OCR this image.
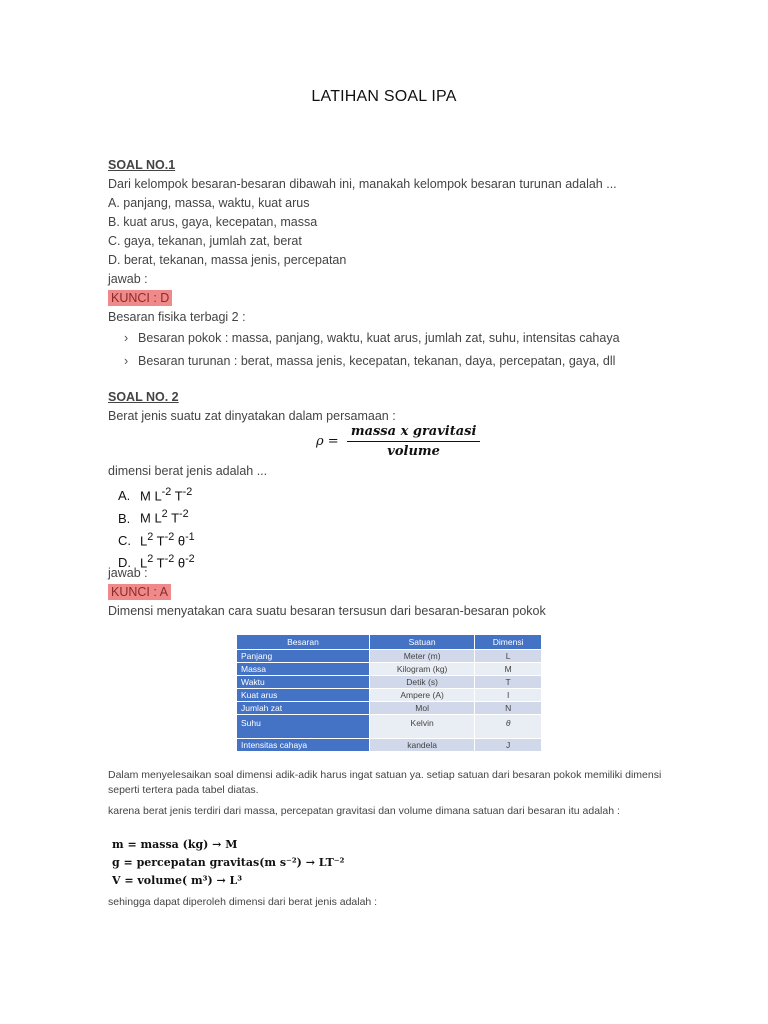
LATIHAN SOAL IPA
SOAL NO.1
Dari kelompok besaran-besaran dibawah ini, manakah kelompok besaran turunan adalah ...
A. panjang, massa, waktu, kuat arus
B. kuat arus, gaya, kecepatan, massa
C. gaya, tekanan, jumlah zat, berat
D. berat, tekanan, massa jenis, percepatan
jawab :
KUNCI : D
Besaran fisika terbagi 2 :
› Besaran pokok : massa, panjang, waktu, kuat arus, jumlah zat, suhu, intensitas cahaya
› Besaran turunan : berat, massa jenis, kecepatan, tekanan, daya, percepatan, gaya, dll
SOAL NO. 2
Berat jenis suatu zat dinyatakan dalam persamaan :
$\rho = \frac{\text{massa x gravitasi}}{\text{volume}}$
dimensi berat jenis adalah ...
A. M $L^{-2}$ $T^{-2}$
B. M $L^2$ $T^{-2}$
C. $L^2$ $T^{-2}$ $\theta^{-1}$
D. $L^2$ $T^{-2}$ $\theta^{-2}$
jawab :
KUNCI : A
Dimensi menyatakan cara suatu besaran tersusun dari besaran-besaran pokok
Besaran	Satuan	Dimensi
Panjang	Meter (m)	L
Massa	Kilogram (kg)	M
Waktu	Detik (s)	T
Kuat arus	Ampere (A)	I
Jumlah zat	Mol	N
Suhu	Kelvin	θ
Intensitas cahaya	kandela	J
Dalam menyelesaikan soal dimensi adik-adik harus ingat satuan ya. setiap satuan dari besaran pokok memiliki dimensi seperti tertera pada tabel diatas.
karena berat jenis terdiri dari massa, percepatan gravitasi dan volume dimana satuan dari besaran itu adalah :
m = massa (kg) → M
g = percepatan gravitas(m s⁻²) → LT⁻²
V = volume( m³) → L³
sehingga dapat diperoleh dimensi dari berat jenis adalah :
